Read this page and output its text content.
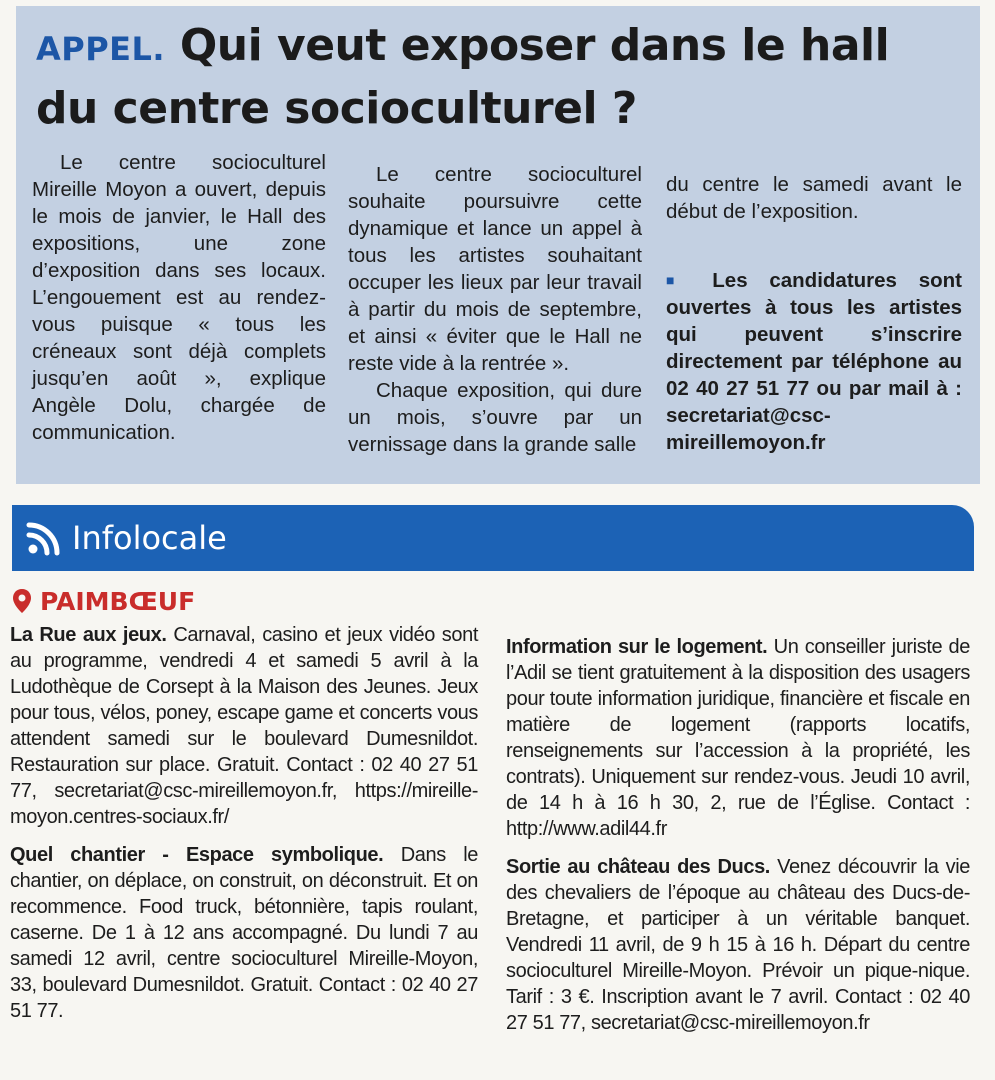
APPEL. Qui veut exposer dans le hall du centre socioculturel ?

Le centre socioculturel Mireille Moyon a ouvert, depuis le mois de janvier, le Hall des expositions, une zone d’exposition dans ses locaux. L’engouement est au rendez-vous puisque « tous les créneaux sont déjà complets jusqu’en août », explique Angèle Dolu, chargée de communication.

Le centre socioculturel souhaite poursuivre cette dynamique et lance un appel à tous les artistes souhaitant occuper les lieux par leur travail à partir du mois de septembre, et ainsi « éviter que le Hall ne reste vide à la rentrée ».

Chaque exposition, qui dure un mois, s’ouvre par un vernissage dans la grande salle

du centre le samedi avant le début de l’exposition.

■ Les candidatures sont ouvertes à tous les artistes qui peuvent s’inscrire directement par téléphone au 02 40 27 51 77 ou par mail à : secretariat@csc-mireillemoyon.fr

Infolocale
PAIMBŒUF

La Rue aux jeux. Carnaval, casino et jeux vidéo sont au programme, vendredi 4 et samedi 5 avril à la Ludothèque de Corsept à la Maison des Jeunes. Jeux pour tous, vélos, poney, escape game et concerts vous attendent samedi sur le boulevard Dumesnildot. Restauration sur place. Gratuit. Contact : 02 40 27 51 77, secretariat@csc-mireillemoyon.fr, https://mireille-moyon.centres-sociaux.fr/

Quel chantier - Espace symbolique. Dans le chantier, on déplace, on construit, on déconstruit. Et on recommence. Food truck, bétonnière, tapis roulant, caserne. De 1 à 12 ans accompagné. Du lundi 7 au samedi 12 avril, centre socioculturel Mireille-Moyon, 33, boulevard Dumesnildot. Gratuit. Contact : 02 40 27 51 77.

Information sur le logement. Un conseiller juriste de l’Adil se tient gratuitement à la disposition des usagers pour toute information juridique, financière et fiscale en matière de logement (rapports locatifs, renseignements sur l’accession à la propriété, les contrats). Uniquement sur rendez-vous. Jeudi 10 avril, de 14 h à 16 h 30, 2, rue de l’Église. Contact : http://www.adil44.fr

Sortie au château des Ducs. Venez découvrir la vie des chevaliers de l’époque au château des Ducs-de-Bretagne, et participer à un véritable banquet. Vendredi 11 avril, de 9 h 15 à 16 h. Départ du centre socioculturel Mireille-Moyon. Prévoir un pique-nique. Tarif : 3 €. Inscription avant le 7 avril. Contact : 02 40 27 51 77, secretariat@csc-mireillemoyon.fr
